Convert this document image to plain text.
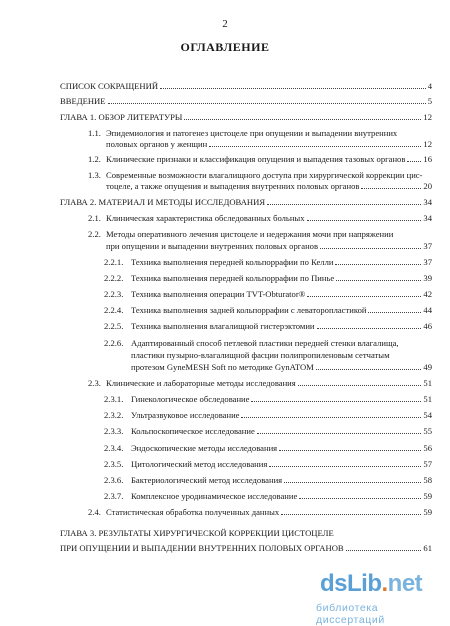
2
ОГЛАВЛЕНИЕ
СПИСОК СОКРАЩЕНИЙ	4
ВВЕДЕНИЕ	5
ГЛАВА 1. ОБЗОР ЛИТЕРАТУРЫ	12
1.1. Эпидемиология и патогенез цистоцеле при опущении и выпадении внутренних
половых органов у женщин	12
1.2. Клинические признаки и классификация опущения и выпадения тазовых органов 16
1.3. Современные возможности влагалищного доступа при хирургической коррекции цис-
тоцеле, а также опущения и выпадения внутренних половых органов	20
ГЛАВА 2. МАТЕРИАЛ И МЕТОДЫ ИССЛЕДОВАНИЯ	34
2.1. Клиническая характеристика обследованных больных	34
2.2. Методы оперативного лечения цистоцеле и недержания мочи при напряжении
при опущении и выпадении внутренних половых органов	37
2.2.1. Техника выполнения передней кольпоррафии по Келли	37
2.2.2. Техника выполнения передней кольпоррафии по Пинье	39
2.2.3. Техника выполнения операции TVT-Obturator®	42
2.2.4. Техника выполнения задней кольпоррафии с леваторопластикой	44
2.2.5. Техника выполнения влагалищной гистерэктомии	46
2.2.6. Адаптированный способ петлевой пластики передней стенки влагалища,
пластики пузырно-влагалищной фасции полипропиленовым сетчатым
протезом GyneMESH Soft по методике GynATOM	49
2.3. Клинические и лабораторные методы исследования	51
2.3.1. Гинекологическое обследование	51
2.3.2. Ультразвуковое исследование	54
2.3.3. Кольпоскопическое исследование	55
2.3.4. Эндоскопические методы исследования	56
2.3.5. Цитологический метод исследования	57
2.3.6. Бактериологический метод исследования	58
2.3.7. Комплексное уродинамическое исследование	59
2.4. Статистическая обработка полученных данных	59
ГЛАВА 3. РЕЗУЛЬТАТЫ ХИРУРГИЧЕСКОЙ КОРРЕКЦИИ ЦИСТОЦЕЛЕ
ПРИ ОПУЩЕНИИ И ВЫПАДЕНИИ ВНУТРЕННИХ ПОЛОВЫХ ОРГАНОВ	61
dsLib.net
библиотека диссертаций
